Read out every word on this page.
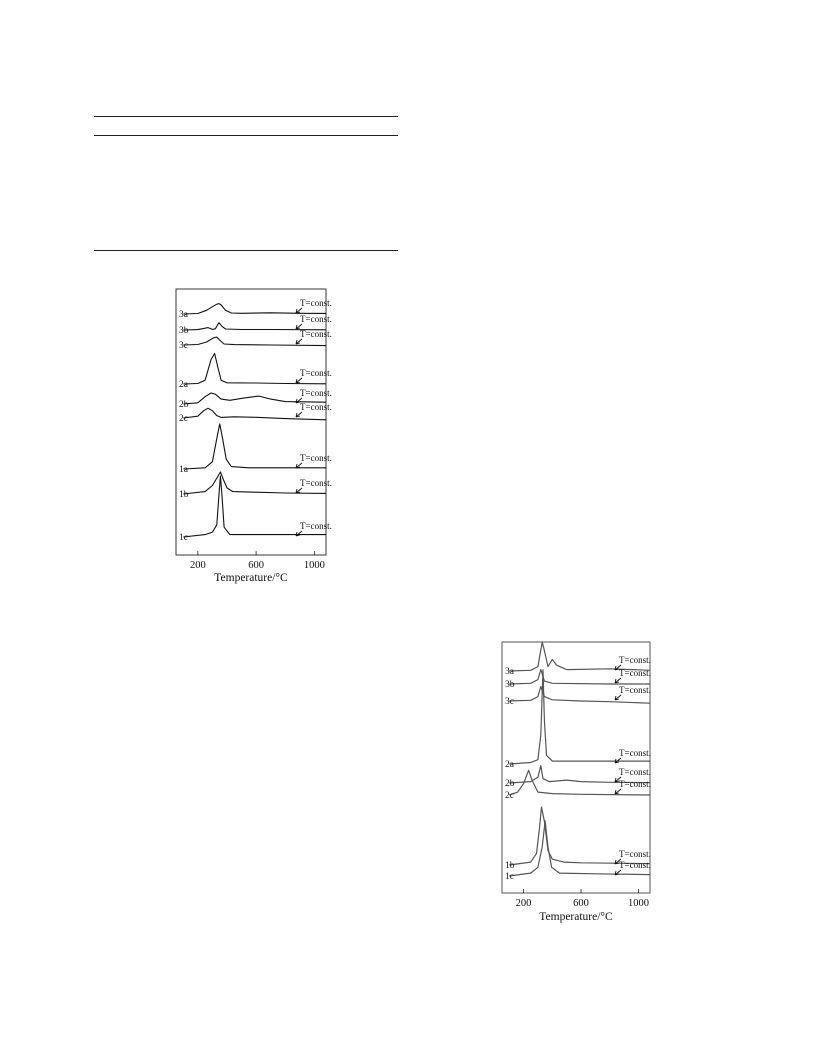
3a
3b
3c
2a
2b
2c
1a
1b
1c
T=const.
T=const.
T=const.
T=const.
T=const.
T=const.
T=const.
T=const.
T=const.
200	600	1000
Temperature/°C
3a
3b
3c
2a
2b
2c
1b
1c
T=const.
T=const.
T=const.
T=const.
T=const.
T=const.
T=const.
T=const.
200	600	1000
Temperature/°C
